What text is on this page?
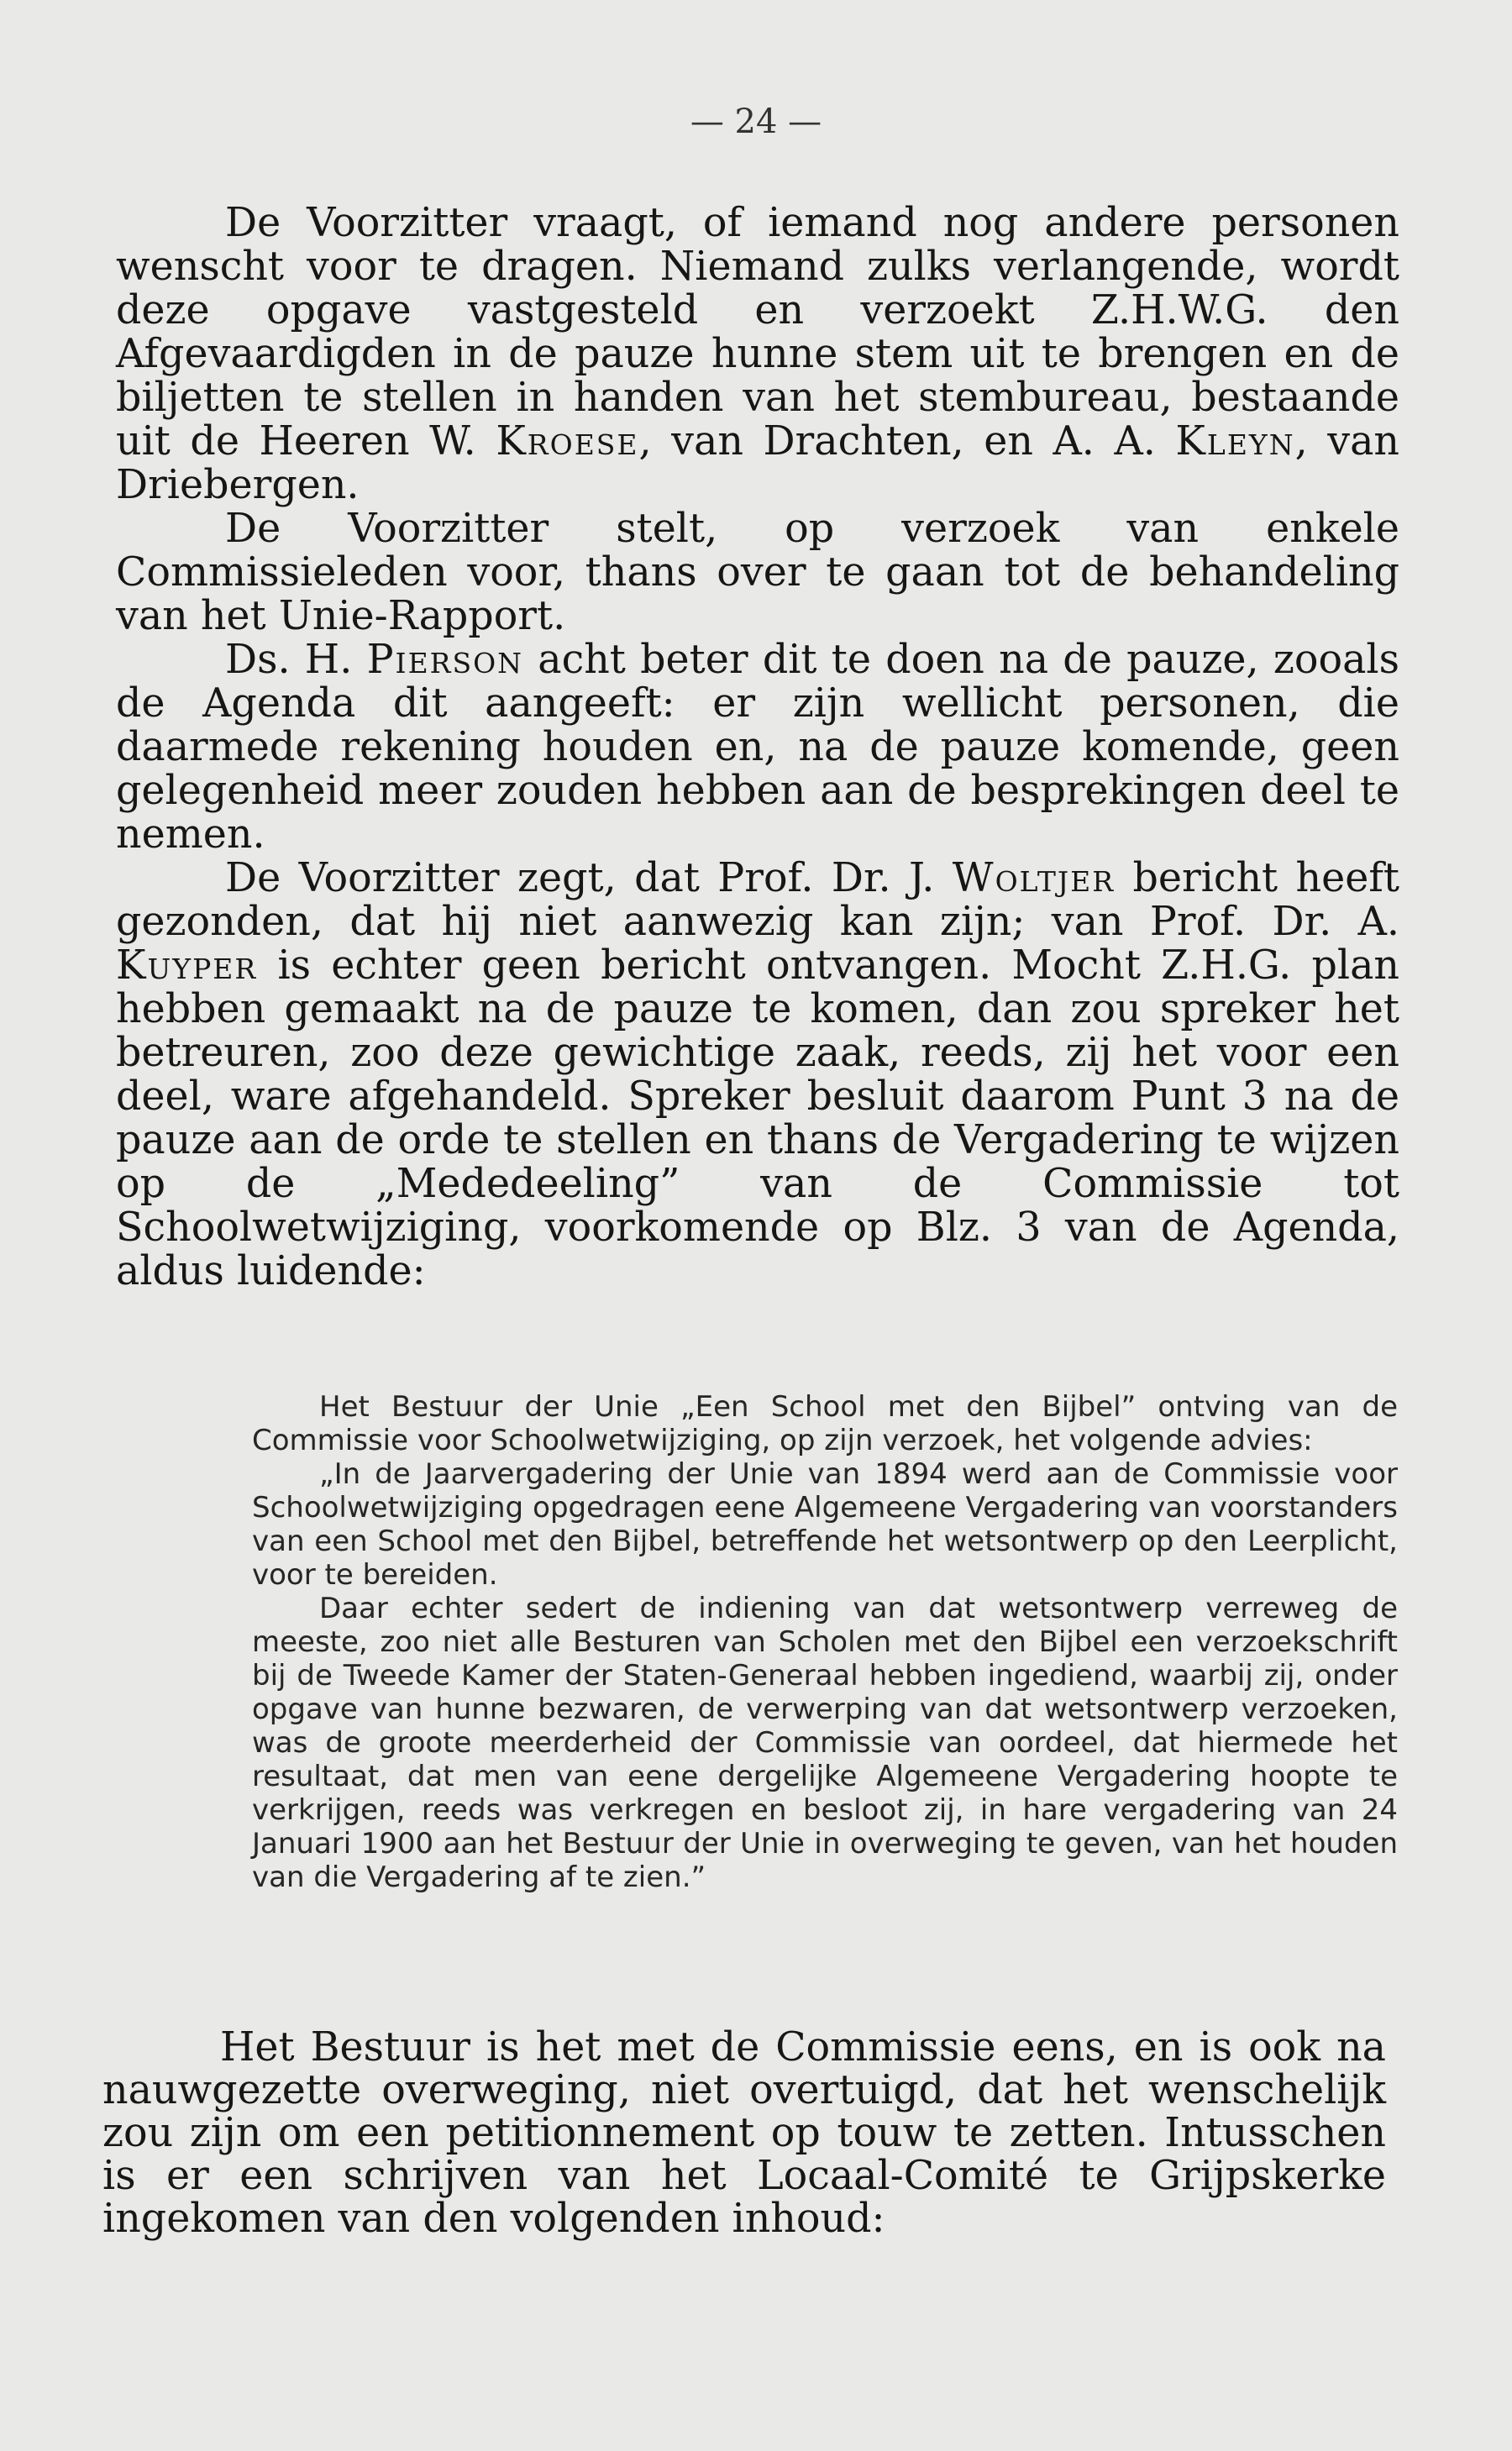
— 24 —

De Voorzitter vraagt, of iemand nog andere personen wenscht voor te dragen. Niemand zulks verlangende, wordt deze opgave vastgesteld en verzoekt Z.H.W.G. den Afgevaardigden in de pauze hunne stem uit te brengen en de biljetten te stellen in handen van het stembureau, bestaande uit de Heeren W. Kroese, van Drachten, en A. A. Kleyn, van Driebergen.

De Voorzitter stelt, op verzoek van enkele Commissieleden voor, thans over te gaan tot de behandeling van het Unie-Rapport.

Ds. H. Pierson acht beter dit te doen na de pauze, zooals de Agenda dit aangeeft: er zijn wellicht personen, die daarmede rekening houden en, na de pauze komende, geen gelegenheid meer zouden hebben aan de besprekingen deel te nemen.

De Voorzitter zegt, dat Prof. Dr. J. Woltjer bericht heeft gezonden, dat hij niet aanwezig kan zijn; van Prof. Dr. A. Kuyper is echter geen bericht ontvangen. Mocht Z.H.G. plan hebben gemaakt na de pauze te komen, dan zou spreker het betreuren, zoo deze gewichtige zaak, reeds, zij het voor een deel, ware afgehandeld. Spreker besluit daarom Punt 3 na de pauze aan de orde te stellen en thans de Vergadering te wijzen op de „Mededeeling” van de Commissie tot Schoolwetwijziging, voorkomende op Blz. 3 van de Agenda, aldus luidende:

Het Bestuur der Unie „Een School met den Bijbel” ontving van de Commissie voor Schoolwetwijziging, op zijn verzoek, het volgende advies:

„In de Jaarvergadering der Unie van 1894 werd aan de Commissie voor Schoolwetwijziging opgedragen eene Algemeene Vergadering van voorstanders van een School met den Bijbel, betreffende het wetsontwerp op den Leerplicht, voor te bereiden.

Daar echter sedert de indiening van dat wetsontwerp verreweg de meeste, zoo niet alle Besturen van Scholen met den Bijbel een verzoekschrift bij de Tweede Kamer der Staten-Generaal hebben ingediend, waarbij zij, onder opgave van hunne bezwaren, de verwerping van dat wetsontwerp verzoeken, was de groote meerderheid der Commissie van oordeel, dat hiermede het resultaat, dat men van eene dergelijke Algemeene Vergadering hoopte te verkrijgen, reeds was verkregen en besloot zij, in hare vergadering van 24 Januari 1900 aan het Bestuur der Unie in overweging te geven, van het houden van die Vergadering af te zien.”

Het Bestuur is het met de Commissie eens, en is ook na nauwgezette overweging, niet overtuigd, dat het wenschelijk zou zijn om een petitionnement op touw te zetten. Intusschen is er een schrijven van het Locaal-Comité te Grijpskerke ingekomen van den volgenden inhoud:
